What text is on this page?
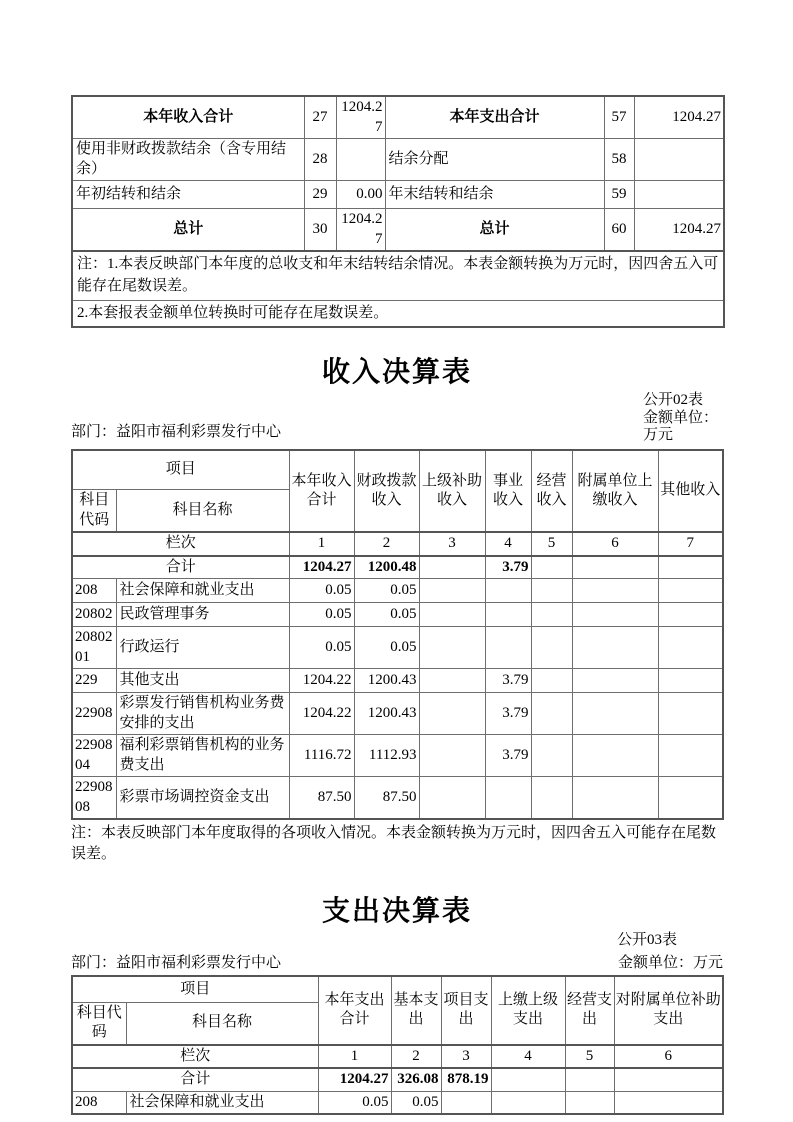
本年收入合计	27	1204.27	本年支出合计	57	1204.27
使用非财政拨款结余（含专用结余）	28		结余分配	58	
年初结转和结余	29	0.00	年末结转和结余	59	
总计	30	1204.27	总计	60	1204.27
注：1.本表反映部门本年度的总收支和年末结转结余情况。本表金额转换为万元时，因四舍五入可能存在尾数误差。					
2.本套报表金额单位转换时可能存在尾数误差。					
收入决算表
部门：益阳市福利彩票发行中心
公开02表
金额单位：
万元
项目		本年收入合计	财政拨款收入	上级补助收入	事业收入	经营收入	附属单位上缴收入	其他收入
科目代码	科目名称							
栏次		1	2	3	4	5	6	7
合计		1204.27	1200.48		3.79			
208	社会保障和就业支出	0.05	0.05					
20802	民政管理事务	0.05	0.05					
2080201	行政运行	0.05	0.05					
229	其他支出	1204.22	1200.43		3.79			
22908	彩票发行销售机构业务费安排的支出	1204.22	1200.43		3.79			
2290804	福利彩票销售机构的业务费支出	1116.72	1112.93		3.79			
2290808	彩票市场调控资金支出	87.50	87.50					

注：本表反映部门本年度取得的各项收入情况。本表金额转换为万元时，因四舍五入可能存在尾数误差。

支出决算表
公开03表
部门：益阳市福利彩票发行中心	金额单位：万元
项目		本年支出合计	基本支出	项目支出	上缴上级支出	经营支出	对附属单位补助支出
科目代码	科目名称						
栏次		1	2	3	4	5	6
合计		1204.27	326.08	878.19			
208	社会保障和就业支出	0.05	0.05				
